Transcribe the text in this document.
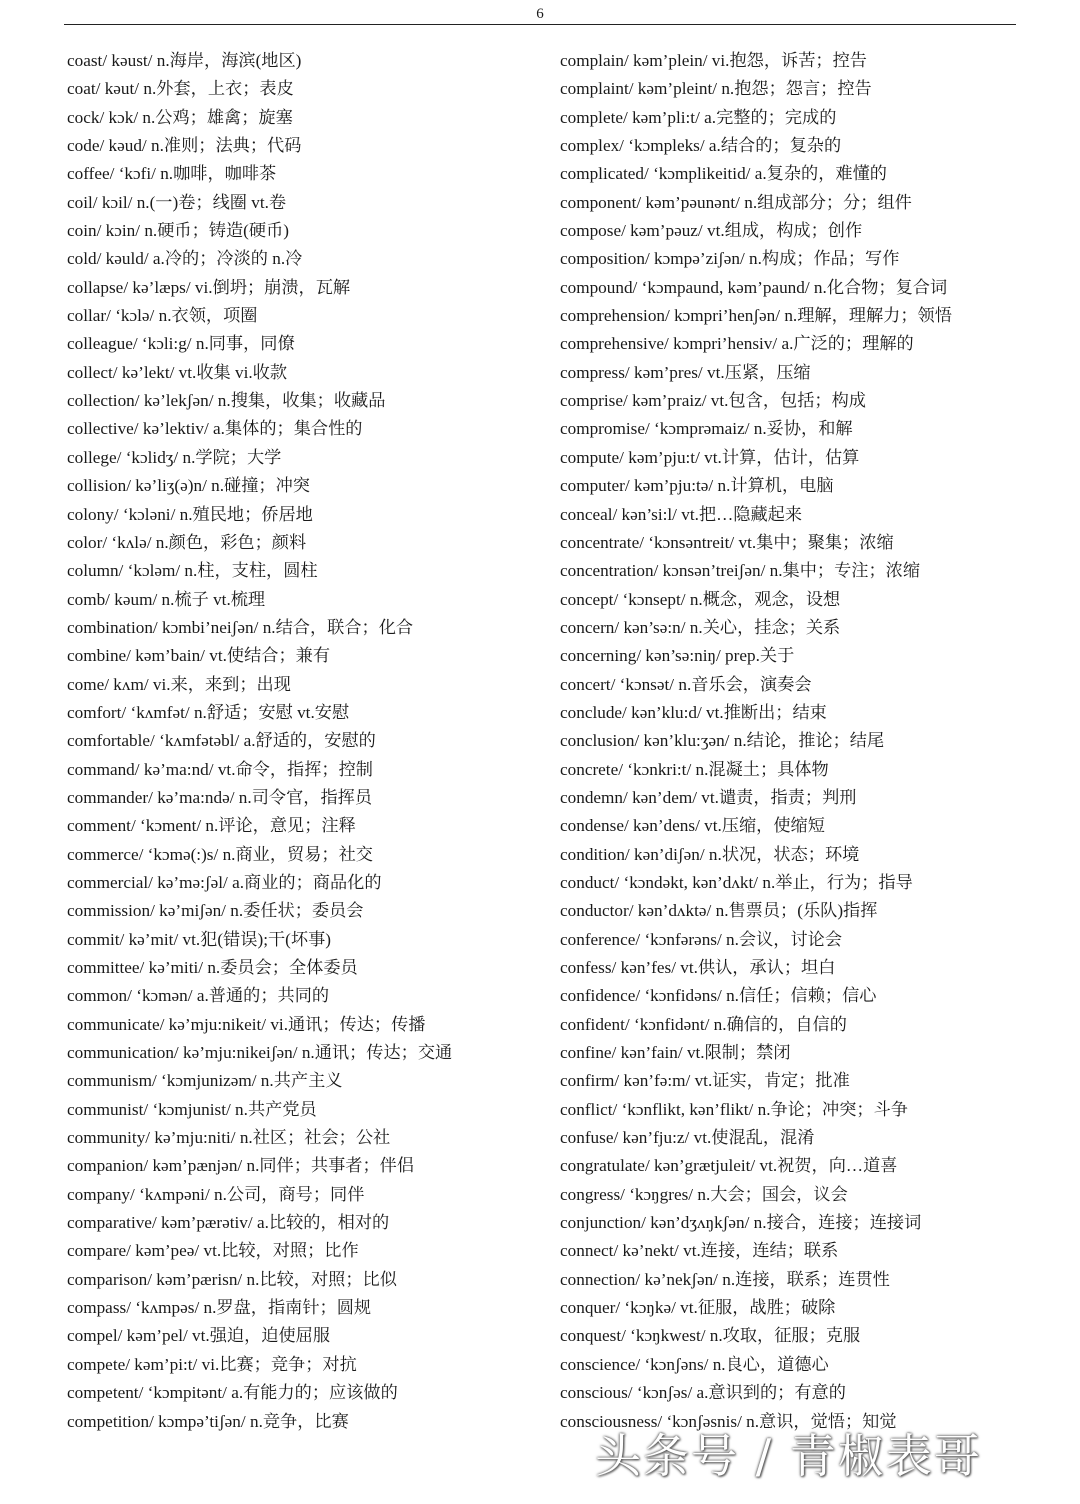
6
coast/ kəust/ n.海岸，海滨(地区)
coat/ kəut/ n.外套，上衣；表皮
cock/ kɔk/ n.公鸡；雄禽；旋塞
code/ kəud/ n.准则；法典；代码
coffee/ ‘kɔfi/ n.咖啡，咖啡茶
coil/ kɔil/ n.(一)卷；线圈 vt.卷
coin/ kɔin/ n.硬币；铸造(硬币)
cold/ kəuld/ a.冷的；冷淡的 n.冷
collapse/ kə’læps/ vi.倒坍；崩溃，瓦解
collar/ ‘kɔlə/ n.衣领，项圈
colleague/ ‘kɔli:g/ n.同事，同僚
collect/ kə’lekt/ vt.收集 vi.收款
collection/ kə’lekʃən/ n.搜集，收集；收藏品
collective/ kə’lektiv/ a.集体的；集合性的
college/ ‘kɔlidʒ/ n.学院；大学
collision/ kə’liʒ(ə)n/ n.碰撞；冲突
colony/ ‘kɔləni/ n.殖民地；侨居地
color/ ‘kʌlə/ n.颜色，彩色；颜料
column/ ‘kɔləm/ n.柱，支柱，圆柱
comb/ kəum/ n.梳子 vt.梳理
combination/ kɔmbi’neiʃən/ n.结合，联合；化合
combine/ kəm’bain/ vt.使结合；兼有
come/ kʌm/ vi.来，来到；出现
comfort/ ‘kʌmfət/ n.舒适；安慰 vt.安慰
comfortable/ ‘kʌmfətəbl/ a.舒适的，安慰的
command/ kə’ma:nd/ vt.命令，指挥；控制
commander/ kə’ma:ndə/ n.司令官，指挥员
comment/ ‘kɔment/ n.评论，意见；注释
commerce/ ‘kɔmə(:)s/ n.商业，贸易；社交
commercial/ kə’mə:ʃəl/ a.商业的；商品化的
commission/ kə’miʃən/ n.委任状；委员会
commit/ kə’mit/ vt.犯(错误);干(坏事)
committee/ kə’miti/ n.委员会；全体委员
common/ ‘kɔmən/ a.普通的；共同的
communicate/ kə’mju:nikeit/ vi.通讯；传达；传播
communication/ kə’mju:nikeiʃən/ n.通讯；传达；交通
communism/ ‘kɔmjunizəm/ n.共产主义
communist/ ‘kɔmjunist/ n.共产党员
community/ kə’mju:niti/ n.社区；社会；公社
companion/ kəm’pænjən/ n.同伴；共事者；伴侣
company/ ‘kʌmpəni/ n.公司，商号；同伴
comparative/ kəm’pærətiv/ a.比较的，相对的
compare/ kəm’peə/ vt.比较，对照；比作
comparison/ kəm’pærisn/ n.比较，对照；比似
compass/ ‘kʌmpəs/ n.罗盘，指南针；圆规
compel/ kəm’pel/ vt.强迫，迫使屈服
compete/ kəm’pi:t/ vi.比赛；竞争；对抗
competent/ ‘kɔmpitənt/ a.有能力的；应该做的
competition/ kɔmpə’tiʃən/ n.竞争，比赛
complain/ kəm’plein/ vi.抱怨，诉苦；控告
complaint/ kəm’pleint/ n.抱怨；怨言；控告
complete/ kəm’pli:t/ a.完整的；完成的
complex/ ‘kɔmpleks/ a.结合的；复杂的
complicated/ ‘kɔmplikeitid/ a.复杂的，难懂的
component/ kəm’pəunənt/ n.组成部分；分；组件
compose/ kəm’pəuz/ vt.组成，构成；创作
composition/ kɔmpə’ziʃən/ n.构成；作品；写作
compound/ ‘kɔmpaund, kəm’paund/ n.化合物；复合词
comprehension/ kɔmpri’henʃən/ n.理解，理解力；领悟
comprehensive/ kɔmpri’hensiv/ a.广泛的；理解的
compress/ kəm’pres/ vt.压紧，压缩
comprise/ kəm’praiz/ vt.包含，包括；构成
compromise/ ‘kɔmprəmaiz/ n.妥协，和解
compute/ kəm’pju:t/ vt.计算，估计，估算
computer/ kəm’pju:tə/ n.计算机，电脑
conceal/ kən’si:l/ vt.把…隐藏起来
concentrate/ ‘kɔnsəntreit/ vt.集中；聚集；浓缩
concentration/ kɔnsən’treiʃən/ n.集中；专注；浓缩
concept/ ‘kɔnsept/ n.概念，观念，设想
concern/ kən’sə:n/ n.关心，挂念；关系
concerning/ kən’sə:niŋ/ prep.关于
concert/ ‘kɔnsət/ n.音乐会，演奏会
conclude/ kən’klu:d/ vt.推断出；结束
conclusion/ kən’klu:ʒən/ n.结论，推论；结尾
concrete/ ‘kɔnkri:t/ n.混凝土；具体物
condemn/ kən’dem/ vt.谴责，指责；判刑
condense/ kən’dens/ vt.压缩，使缩短
condition/ kən’diʃən/ n.状况，状态；环境
conduct/ ‘kɔndəkt, kən’dʌkt/ n.举止，行为；指导
conductor/ kən’dʌktə/ n.售票员；(乐队)指挥
conference/ ‘kɔnfərəns/ n.会议，讨论会
confess/ kən’fes/ vt.供认，承认；坦白
confidence/ ‘kɔnfidəns/ n.信任；信赖；信心
confident/ ‘kɔnfidənt/ n.确信的，自信的
confine/ kən’fain/ vt.限制；禁闭
confirm/ kən’fə:m/ vt.证实，肯定；批准
conflict/ ‘kɔnflikt, kən’flikt/ n.争论；冲突；斗争
confuse/ kən’fju:z/ vt.使混乱，混淆
congratulate/ kən’grætjuleit/ vt.祝贺，向…道喜
congress/ ‘kɔŋgres/ n.大会；国会，议会
conjunction/ kən’dʒʌŋkʃən/ n.接合，连接；连接词
connect/ kə’nekt/ vt.连接，连结；联系
connection/ kə’nekʃən/ n.连接，联系；连贯性
conquer/ ‘kɔŋkə/ vt.征服，战胜；破除
conquest/ ‘kɔŋkwest/ n.攻取，征服；克服
conscience/ ‘kɔnʃəns/ n.良心，道德心
conscious/ ‘kɔnʃəs/ a.意识到的；有意的
consciousness/ ‘kɔnʃəsnis/ n.意识，觉悟；知觉
头条号 / 青椒表哥
